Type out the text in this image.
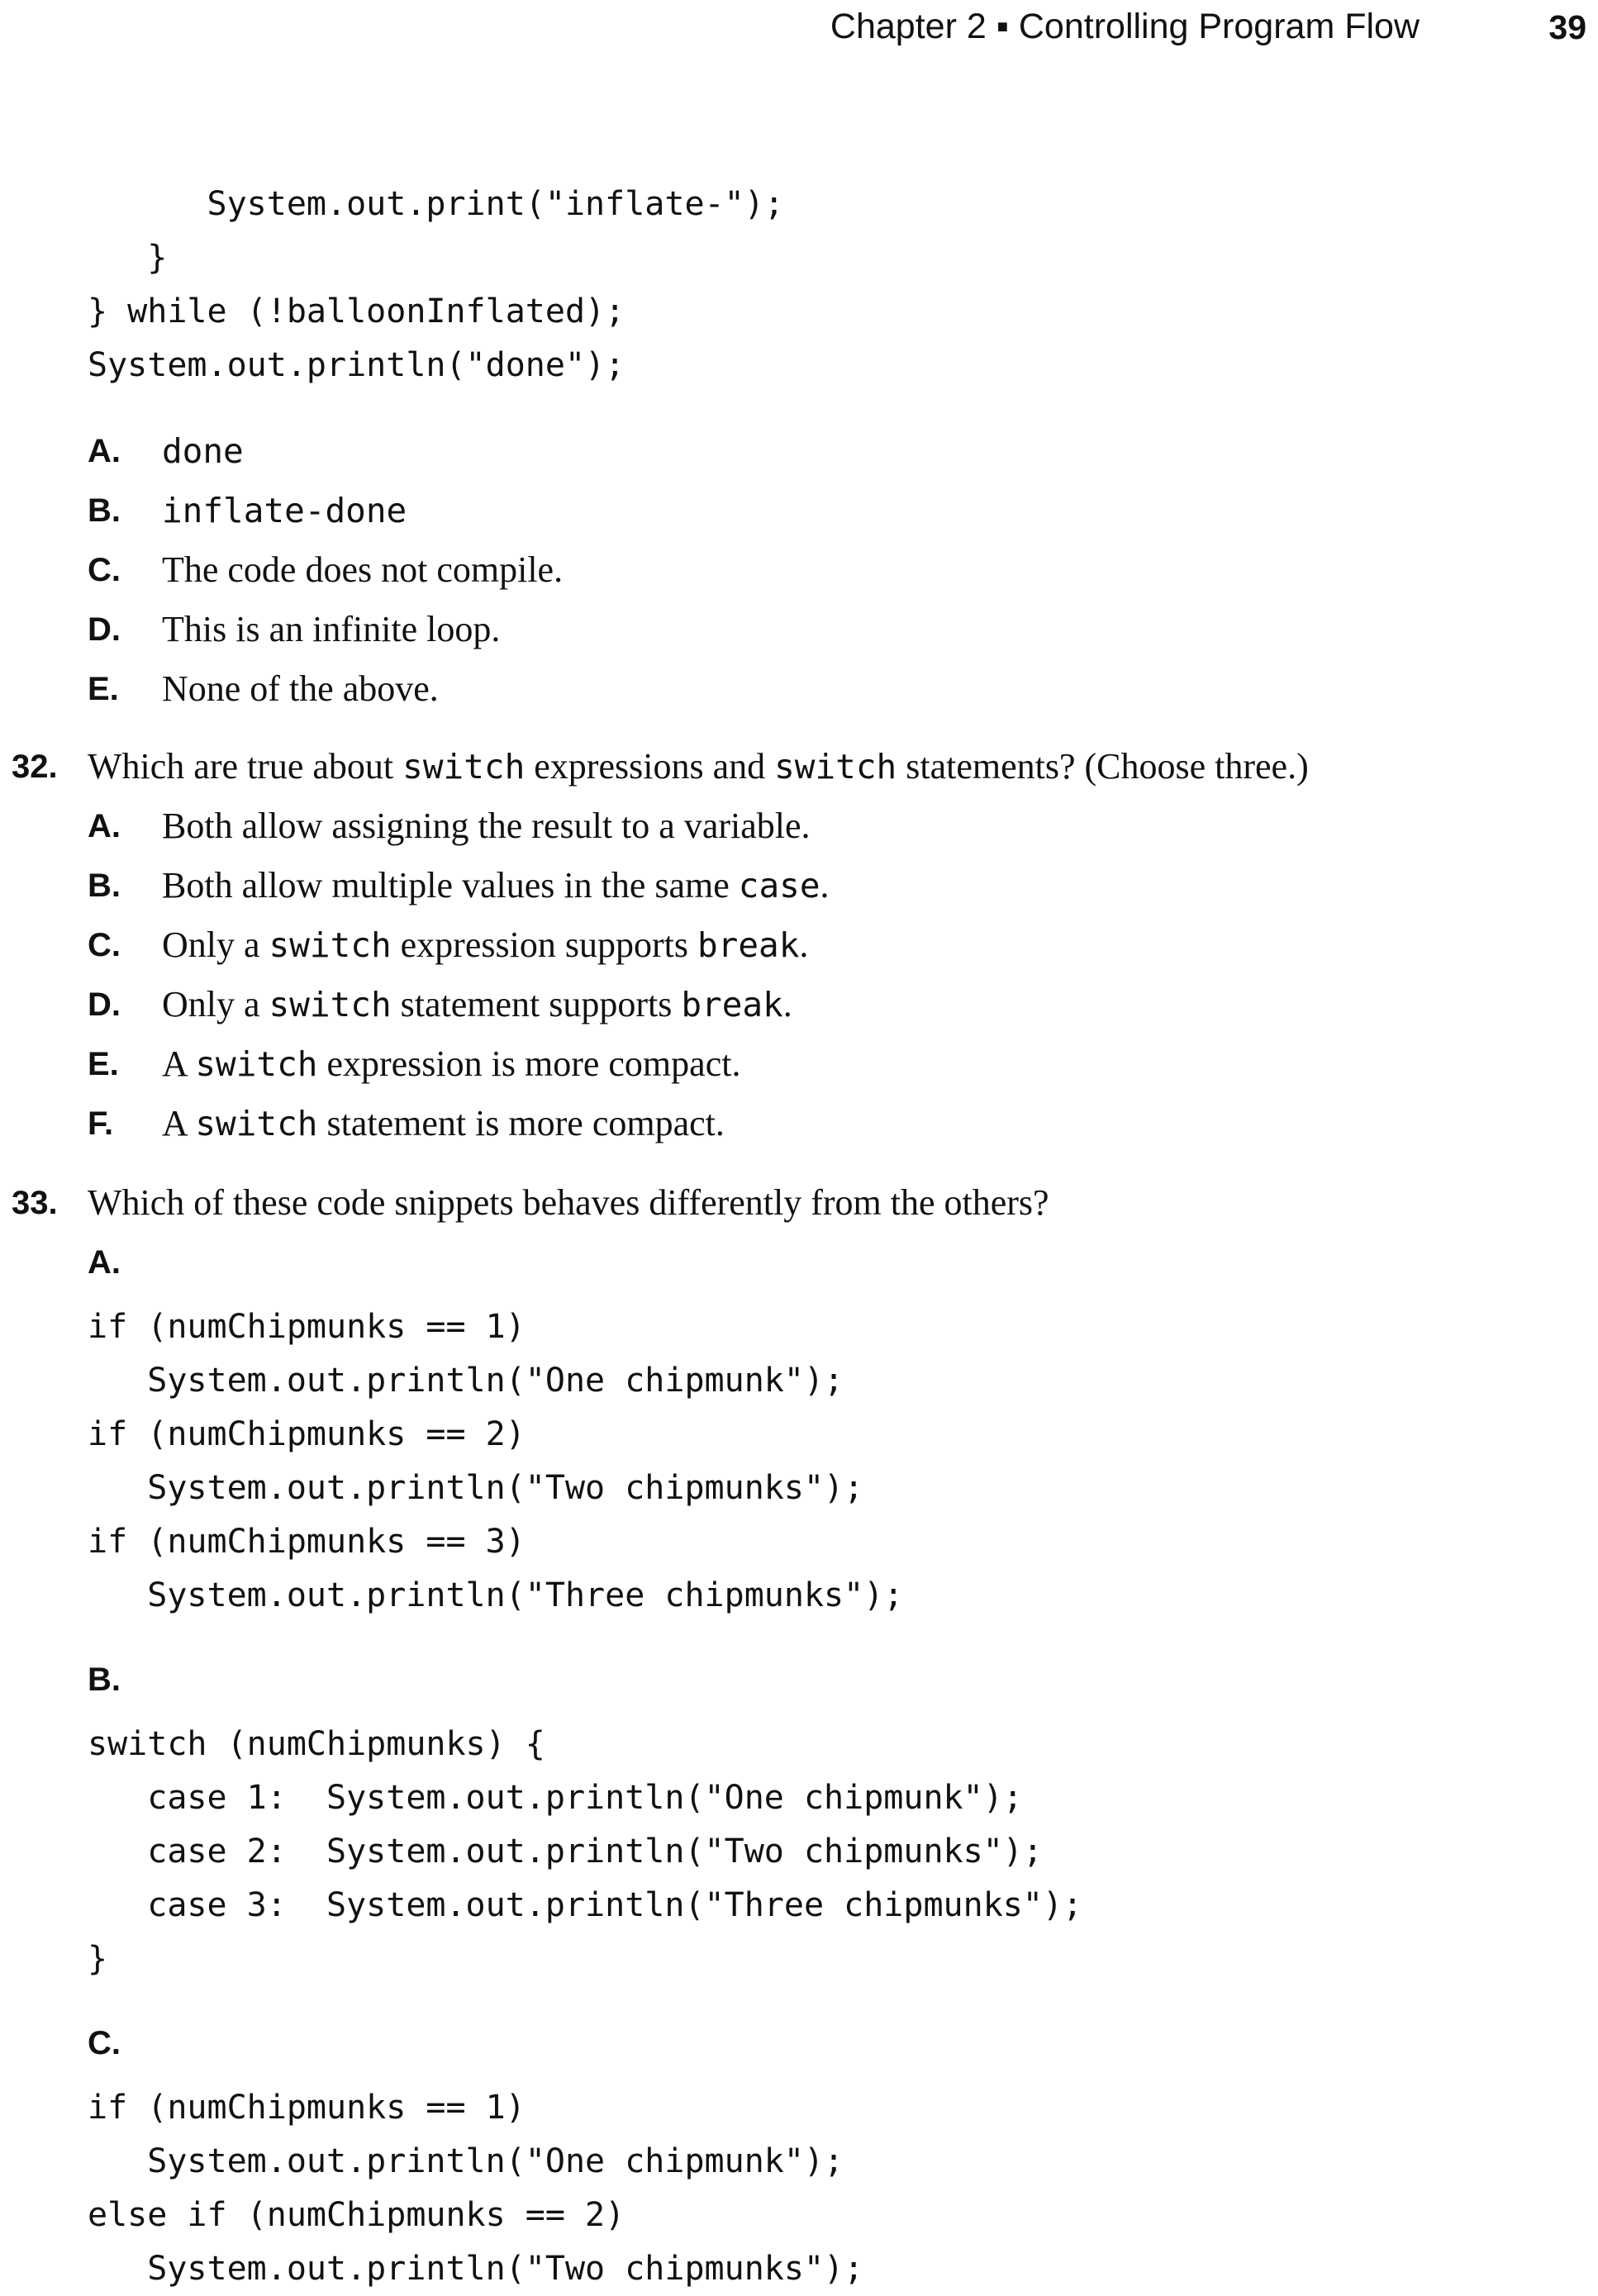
Chapter 2 ▪ Controlling Program Flow	39
System.out.print("inflate-");
}
} while (!balloonInflated);
System.out.println("done");
A. done
B. inflate-done
C. The code does not compile.
D. This is an infinite loop.
E. None of the above.
32. Which are true about switch expressions and switch statements? (Choose three.)
A. Both allow assigning the result to a variable.
B. Both allow multiple values in the same case.
C. Only a switch expression supports break.
D. Only a switch statement supports break.
E. A switch expression is more compact.
F. A switch statement is more compact.
33. Which of these code snippets behaves differently from the others?
A.
if (numChipmunks == 1)
System.out.println("One chipmunk");
if (numChipmunks == 2)
System.out.println("Two chipmunks");
if (numChipmunks == 3)
System.out.println("Three chipmunks");
B.
switch (numChipmunks) {
case 1:  System.out.println("One chipmunk");
case 2:  System.out.println("Two chipmunks");
case 3:  System.out.println("Three chipmunks");
}
C.
if (numChipmunks == 1)
System.out.println("One chipmunk");
else if (numChipmunks == 2)
System.out.println("Two chipmunks");
